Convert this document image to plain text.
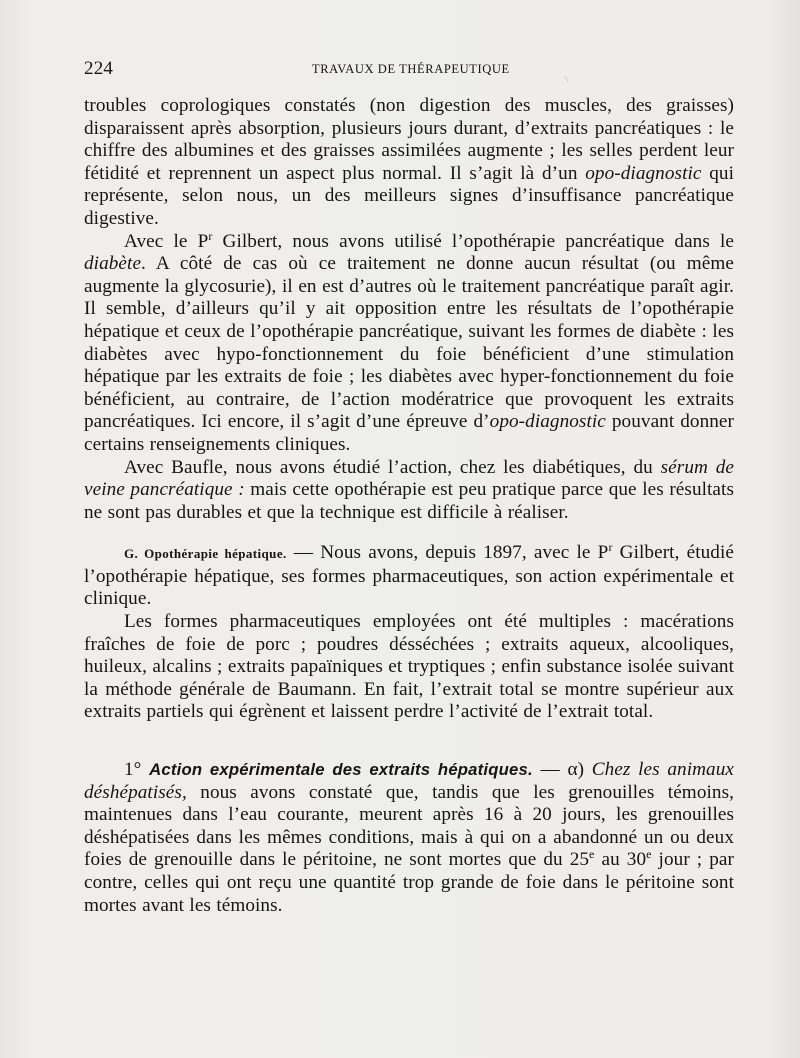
224	TRAVAUX DE THÉRAPEUTIQUE

troubles coprologiques constatés (non digestion des muscles, des graisses) disparaissent après absorption, plusieurs jours durant, d’extraits pancréatiques : le chiffre des albumines et des graisses assimilées augmente ; les selles perdent leur fétidité et reprennent un aspect plus normal. Il s’agit là d’un opo-diagnostic qui représente, selon nous, un des meilleurs signes d’insuffisance pancréatique digestive.

Avec le $P^r$ Gilbert, nous avons utilisé l’opothérapie pancréatique dans le diabète. A côté de cas où ce traitement ne donne aucun résultat (ou même augmente la glycosurie), il en est d’autres où le traitement pancréatique paraît agir. Il semble, d’ailleurs qu’il y ait opposition entre les résultats de l’opothérapie hépatique et ceux de l’opothérapie pancréatique, suivant les formes de diabète : les diabètes avec hypo-fonctionnement du foie bénéficient d’une stimulation hépatique par les extraits de foie ; les diabètes avec hyper-fonctionnement du foie bénéficient, au contraire, de l’action modératrice que provoquent les extraits pancréatiques. Ici encore, il s’agit d’une épreuve d’opo-diagnostic pouvant donner certains renseignements cliniques.

Avec Baufle, nous avons étudié l’action, chez les diabétiques, du sérum de veine pancréatique : mais cette opothérapie est peu pratique parce que les résultats ne sont pas durables et que la technique est difficile à réaliser.

G. Opothérapie hépatique. — Nous avons, depuis 1897, avec le $P^r$ Gilbert, étudié l’opothérapie hépatique, ses formes pharmaceutiques, son action expérimentale et clinique.

Les formes pharmaceutiques employées ont été multiples : macérations fraîches de foie de porc ; poudres désséchées ; extraits aqueux, alcooliques, huileux, alcalins ; extraits papaïniques et tryptiques ; enfin substance isolée suivant la méthode générale de Baumann. En fait, l’extrait total se montre supérieur aux extraits partiels qui égrènent et laissent perdre l’activité de l’extrait total.

1° Action expérimentale des extraits hépatiques. — α) Chez les animaux déshépatisés, nous avons constaté que, tandis que les grenouilles témoins, maintenues dans l’eau courante, meurent après 16 à 20 jours, les grenouilles déshépatisées dans les mêmes conditions, mais à qui on a abandonné un ou deux foies de grenouille dans le péritoine, ne sont mortes que du 25e au 30e jour ; par contre, celles qui ont reçu une quantité trop grande de foie dans le péritoine sont mortes avant les témoins.
